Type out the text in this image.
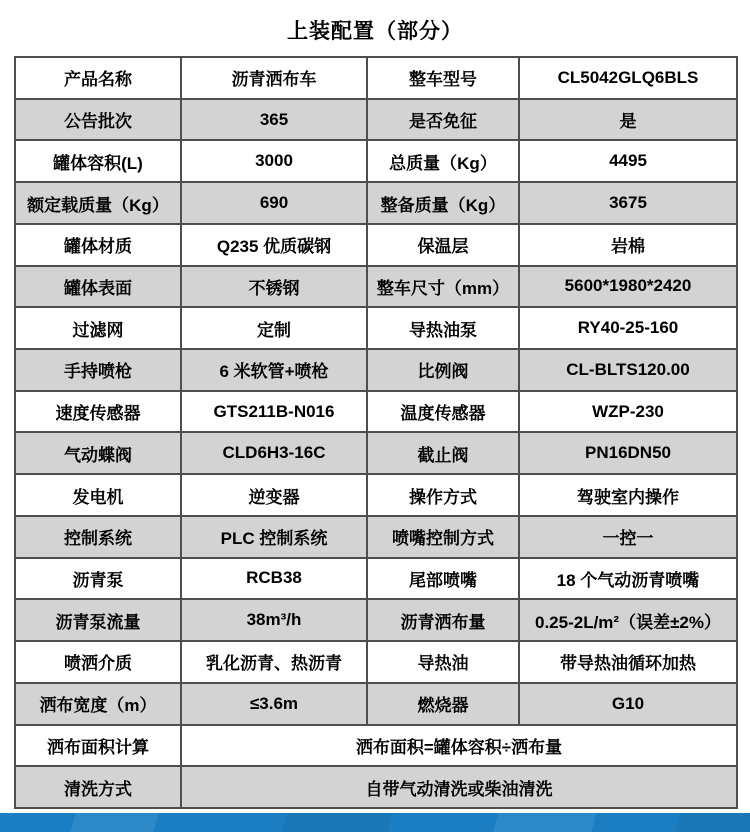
上装配置（部分）
产品名称	沥青洒布车	整车型号	CL5042GLQ6BLS
公告批次	365	是否免征	是
罐体容积(L)	3000	总质量（Kg）	4495
额定载质量（Kg）	690	整备质量（Kg）	3675
罐体材质	Q235 优质碳钢	保温层	岩棉
罐体表面	不锈钢	整车尺寸（mm）	5600*1980*2420
过滤网	定制	导热油泵	RY40-25-160
手持喷枪	6 米软管+喷枪	比例阀	CL-BLTS120.00
速度传感器	GTS211B-N016	温度传感器	WZP-230
气动蝶阀	CLD6H3-16C	截止阀	PN16DN50
发电机	逆变器	操作方式	驾驶室内操作
控制系统	PLC 控制系统	喷嘴控制方式	一控一
沥青泵	RCB38	尾部喷嘴	18 个气动沥青喷嘴
沥青泵流量	38m³/h	沥青洒布量	0.25-2L/m²（误差±2%）
喷洒介质	乳化沥青、热沥青	导热油	带导热油循环加热
洒布宽度（m）	≤3.6m	燃烧器	G10
洒布面积计算	洒布面积=罐体容积÷洒布量		
清洗方式	自带气动清洗或柴油清洗		
